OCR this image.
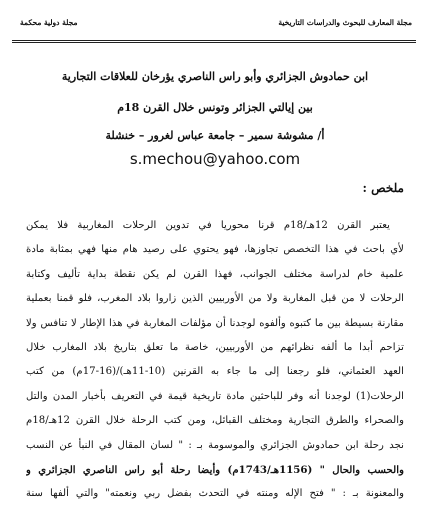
مجلة المعارف للبحوث والدراسات التاريخية
مجلة دولية محكمة
ابن حمادوش الجزائري وأبو راس الناصري يؤرخان للعلاقات التجارية
بين إيالتي الجزائر وتونس خلال القرن 18م
أ/ مشوشة سمير – جامعة عباس لغرور – خنشلة
s.mechou@yahoo.com
ملخص :
يعتبر القرن 12هـ/18م قرنا محوريا في تدوين الرحلات المغاربية فلا يمكن
لأي باحث في هذا التخصص تجاوزها، فهو يحتوي على رصيد هام منها فهي بمثابة مادة
علمية خام لدراسة مختلف الجوانب، فهذا القرن لم يكن نقطة بداية تأليف وكتابة
الرحلات لا من قبل المغاربة ولا من الأوربيين الذين زاروا بلاد المغرب، فلو قمنا بعملية
مقارنة بسيطة بين ما كتبوه وألفوه لوجدنا أن مؤلفات المغاربة في هذا الإطار لا تنافس ولا
تزاحم أبدا ما ألفه نظرائهم من الأوربيين، خاصة ما تعلق بتاريخ بلاد المغارب خلال
العهد العثماني، فلو رجعنا إلى ما جاء به القرنين (10-11هـ)/(16-17م) من كتب
الرحلات(1) لوجدنا أنه وفر للباحثين مادة تاريخية قيمة في التعريف بأخبار المدن والتل
والصحراء والطرق التجارية ومختلف القبائل، ومن كتب الرحلة خلال القرن 12هـ/18م
نجد رحلة ابن حمادوش الجزائري والموسومة بـ : " لسان المقال في النبأ عن النسب
والحسب والحال " (1156هـ/1743م) وأيضا رحلة أبو راس الناصري الجزائري و
والمعنونة بـ : " فتح الإله ومنته في التحدث بفضل ربي ونعمته" والتي ألفها سنة
